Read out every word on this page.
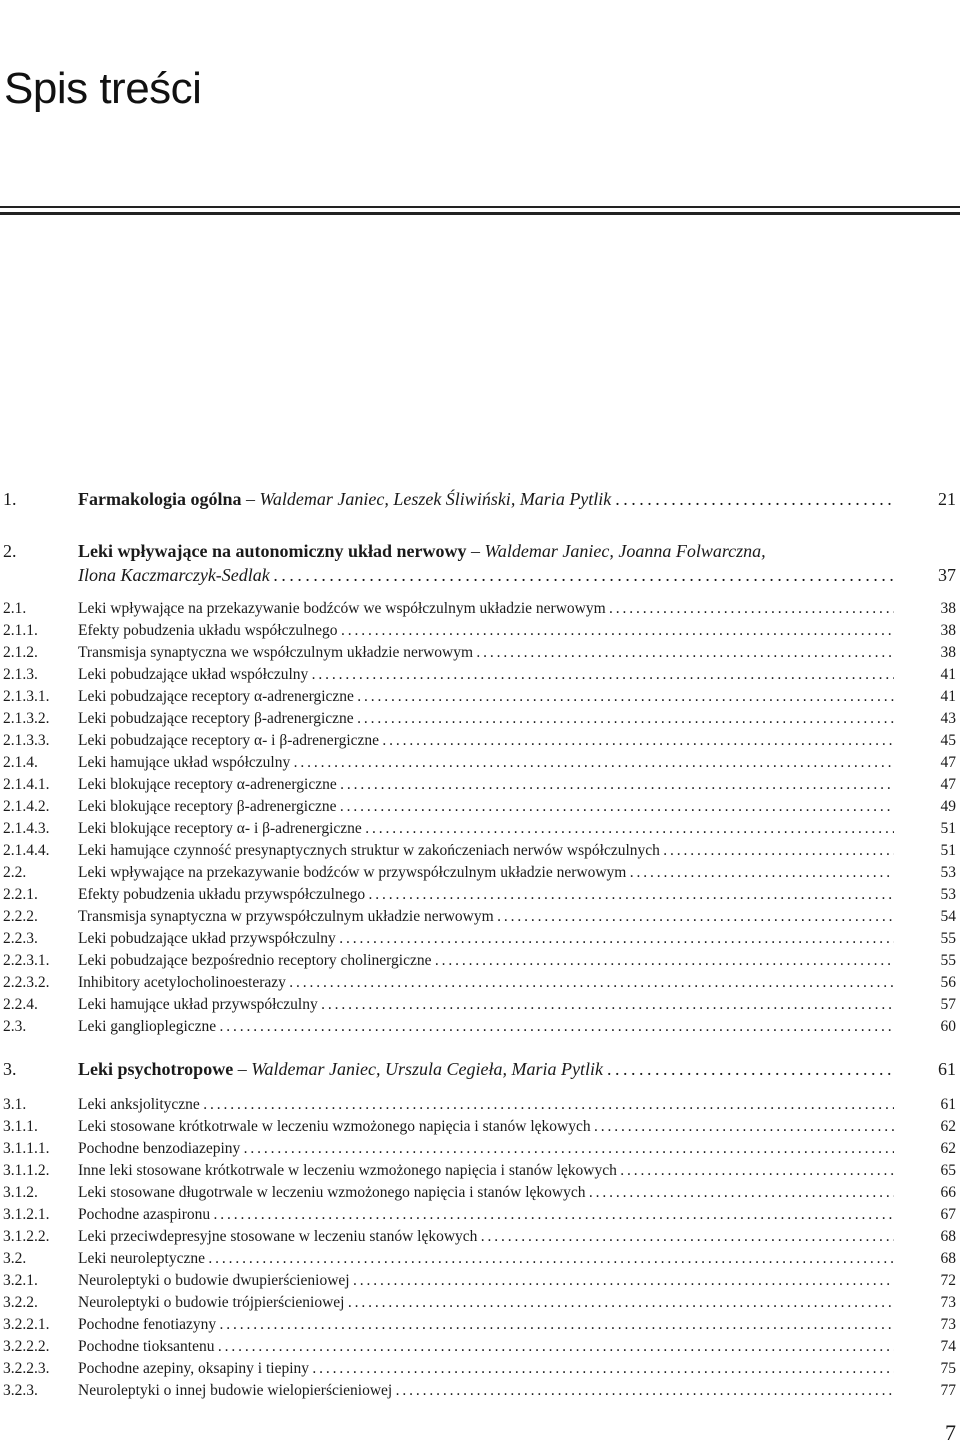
Spis treści
1.	Farmakologia ogólna – Waldemar Janiec, Leszek Śliwiński, Maria Pytlik . . .	21
2.	Leki wpływające na autonomiczny układ nerwowy – Waldemar Janiec, Joanna Folwarczna,
Ilona Kaczmarczyk-Sedlak . . .	37
2.1.	Leki wpływające na przekazywanie bodźców we współczulnym układzie nerwowym . . .	38
2.1.1.	Efekty pobudzenia układu współczulnego . . .	38
2.1.2.	Transmisja synaptyczna we współczulnym układzie nerwowym . . .	38
2.1.3.	Leki pobudzające układ współczulny . . .	41
2.1.3.1. Leki pobudzające receptory α-adrenergiczne . . .	41
2.1.3.2. Leki pobudzające receptory β-adrenergiczne . . .	43
2.1.3.3. Leki pobudzające receptory α- i β-adrenergiczne . . .	45
2.1.4.	Leki hamujące układ współczulny . . .	47
2.1.4.1. Leki blokujące receptory α-adrenergiczne . . .	47
2.1.4.2. Leki blokujące receptory β-adrenergiczne . . .	49
2.1.4.3. Leki blokujące receptory α- i β-adrenergiczne . . .	51
2.1.4.4. Leki hamujące czynność presynaptycznych struktur w zakończeniach nerwów współczulnych . . .	51
2.2.	Leki wpływające na przekazywanie bodźców w przywspółczulnym układzie nerwowym . . .	53
2.2.1.	Efekty pobudzenia układu przywspółczulnego . . .	53
2.2.2.	Transmisja synaptyczna w przywspółczulnym układzie nerwowym . . .	54
2.2.3.	Leki pobudzające układ przywspółczulny . . .	55
2.2.3.1. Leki pobudzające bezpośrednio receptory cholinergiczne . . .	55
2.2.3.2. Inhibitory acetylocholinoesterazy . . .	56
2.2.4.	Leki hamujące układ przywspółczulny . . .	57
2.3.	Leki ganglioplegiczne . . .	60
3.	Leki psychotropowe – Waldemar Janiec, Urszula Cegieła, Maria Pytlik . . .	61
3.1.	Leki anksjolityczne . . .	61
3.1.1.	Leki stosowane krótkotrwale w leczeniu wzmożonego napięcia i stanów lękowych . . .	62
3.1.1.1. Pochodne benzodiazepiny . . .	62
3.1.1.2. Inne leki stosowane krótkotrwale w leczeniu wzmożonego napięcia i stanów lękowych . . .	65
3.1.2.	Leki stosowane długotrwale w leczeniu wzmożonego napięcia i stanów lękowych . . .	66
3.1.2.1. Pochodne azaspironu . . .	67
3.1.2.2. Leki przeciwdepresyjne stosowane w leczeniu stanów lękowych . . .	68
3.2.	Leki neuroleptyczne . . .	68
3.2.1.	Neuroleptyki o budowie dwupierścieniowej . . .	72
3.2.2.	Neuroleptyki o budowie trójpierścieniowej . . .	73
3.2.2.1. Pochodne fenotiazyny . . .	73
3.2.2.2. Pochodne tioksantenu . . .	74
3.2.2.3. Pochodne azepiny, oksapiny i tiepiny . . .	75
3.2.3.	Neuroleptyki o innej budowie wielopierścieniowej . . .	77
7
